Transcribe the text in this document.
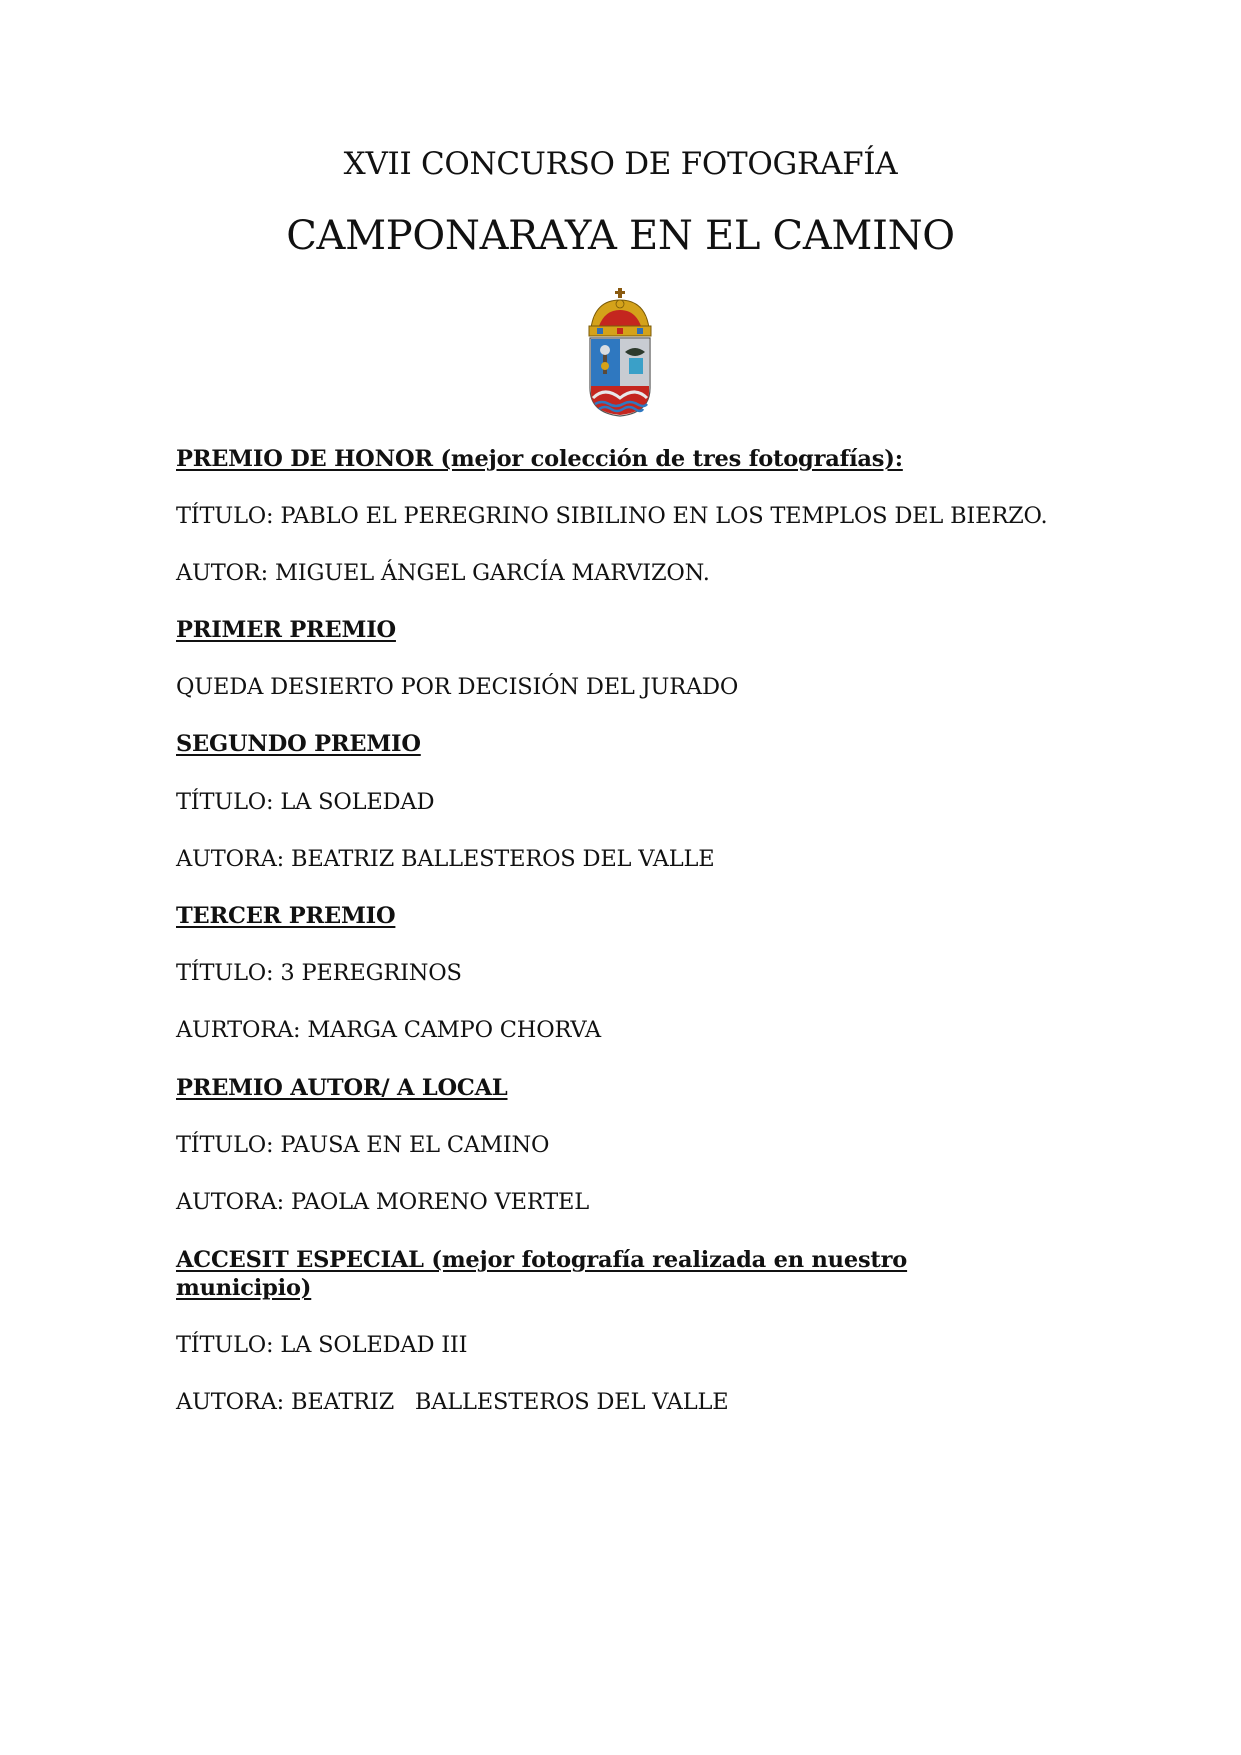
XVII CONCURSO DE FOTOGRAFÍA
CAMPONARAYA EN EL CAMINO
PREMIO DE HONOR (mejor colección de tres fotografías):
TÍTULO: PABLO EL PEREGRINO SIBILINO EN LOS TEMPLOS DEL BIERZO.
AUTOR: MIGUEL ÁNGEL GARCÍA MARVIZON.
PRIMER PREMIO
QUEDA DESIERTO POR DECISIÓN DEL JURADO
SEGUNDO PREMIO
TÍTULO: LA SOLEDAD
AUTORA: BEATRIZ BALLESTEROS DEL VALLE
TERCER PREMIO
TÍTULO: 3 PEREGRINOS
AURTORA: MARGA CAMPO CHORVA
PREMIO AUTOR/ A LOCAL
TÍTULO: PAUSA EN EL CAMINO
AUTORA: PAOLA MORENO VERTEL
ACCESIT ESPECIAL (mejor fotografía realizada en nuestro municipio)
TÍTULO: LA SOLEDAD III
AUTORA: BEATRIZ   BALLESTEROS DEL VALLE
